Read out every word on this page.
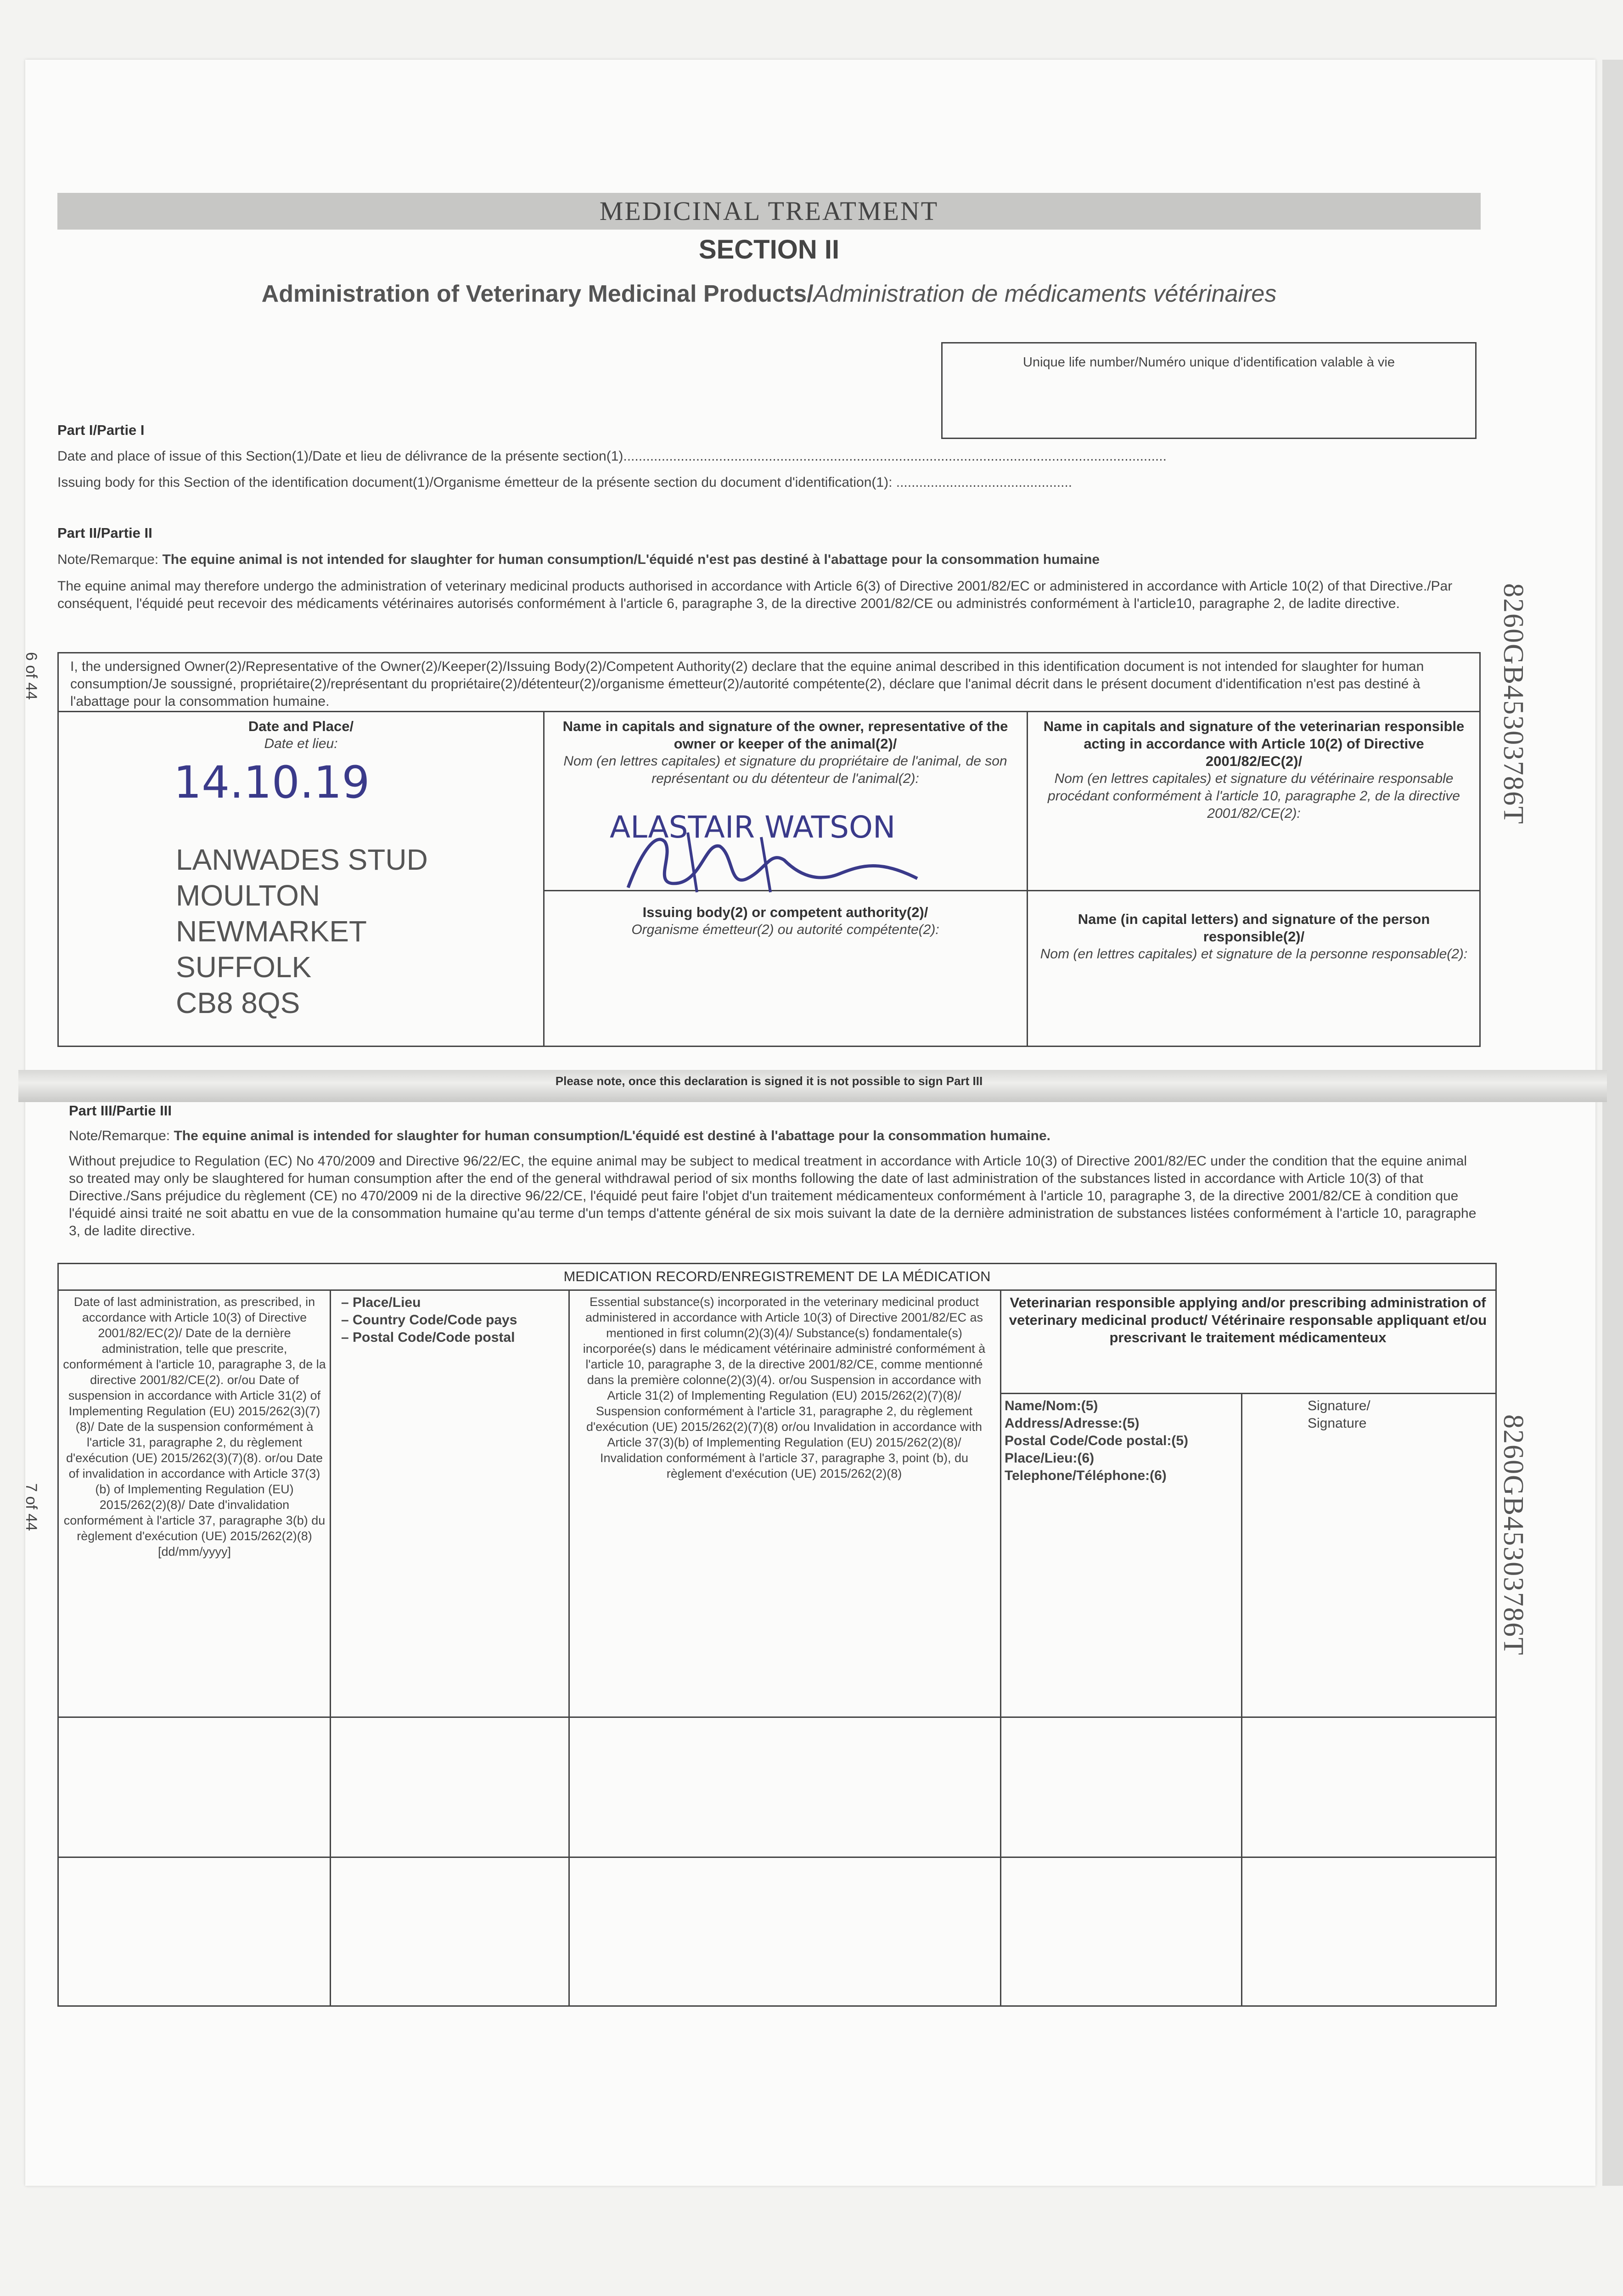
MEDICINAL TREATMENT
SECTION II
Administration of Veterinary Medicinal Products/Administration de médicaments vétérinaires
Unique life number/Numéro unique d'identification valable à vie
Part I/Partie I
Date and place of issue of this Section(1)/Date et lieu de délivrance de la présente section(1)..............................................................................................................................................
Issuing body for this Section of the identification document(1)/Organisme émetteur de la présente section du document d'identification(1): ..............................................
Part II/Partie II
Note/Remarque: The equine animal is not intended for slaughter for human consumption/L'équidé n'est pas destiné à l'abattage pour la consommation humaine
The equine animal may therefore undergo the administration of veterinary medicinal products authorised in accordance with Article 6(3) of Directive 2001/82/EC or administered in accordance with Article 10(2) of that Directive./Par conséquent, l'équidé peut recevoir des médicaments vétérinaires autorisés conformément à l'article 6, paragraphe 3, de la directive 2001/82/CE ou administrés conformément à l'article10, paragraphe 2, de ladite directive.
I, the undersigned Owner(2)/Representative of the Owner(2)/Keeper(2)/Issuing Body(2)/Competent Authority(2) declare that the equine animal described in this identification document is not intended for slaughter for human consumption/Je soussigné, propriétaire(2)/représentant du propriétaire(2)/détenteur(2)/organisme émetteur(2)/autorité compétente(2), déclare que l'animal décrit dans le présent document d'identification n'est pas destiné à l'abattage pour la consommation humaine.
Date and Place/
Date et lieu:
14.10.19
LANWADES STUD
MOULTON
NEWMARKET
SUFFOLK
CB8 8QS
Name in capitals and signature of the owner, representative of the owner or keeper of the animal(2)/
Nom (en lettres capitales) et signature du propriétaire de l'animal, de son représentant ou du détenteur de l'animal(2):
ALASTAIR WATSON
Name in capitals and signature of the veterinarian responsible acting in accordance with Article 10(2) of Directive 2001/82/EC(2)/
Nom (en lettres capitales) et signature du vétérinaire responsable procédant conformément à l'article 10, paragraphe 2, de la directive 2001/82/CE(2):
Issuing body(2) or competent authority(2)/
Organisme émetteur(2) ou autorité compétente(2):
Name (in capital letters) and signature of the person responsible(2)/
Nom (en lettres capitales) et signature de la personne responsable(2):
Please note, once this declaration is signed it is not possible to sign Part III
Part III/Partie III
Note/Remarque: The equine animal is intended for slaughter for human consumption/L'équidé est destiné à l'abattage pour la consommation humaine.
Without prejudice to Regulation (EC) No 470/2009 and Directive 96/22/EC, the equine animal may be subject to medical treatment in accordance with Article 10(3) of Directive 2001/82/EC under the condition that the equine animal so treated may only be slaughtered for human consumption after the end of the general withdrawal period of six months following the date of last administration of the substances listed in accordance with Article 10(3) of that Directive./Sans préjudice du règlement (CE) no 470/2009 ni de la directive 96/22/CE, l'équidé peut faire l'objet d'un traitement médicamenteux conformément à l'article 10, paragraphe 3, de la directive 2001/82/CE à condition que l'équidé ainsi traité ne soit abattu en vue de la consommation humaine qu'au terme d'un temps d'attente général de six mois suivant la date de la dernière administration de substances listées conformément à l'article 10, paragraphe 3, de ladite directive.
MEDICATION RECORD/ENREGISTREMENT DE LA MÉDICATION
Date of last administration, as prescribed, in accordance with Article 10(3) of Directive 2001/82/EC(2)/ Date de la dernière administration, telle que prescrite, conformément à l'article 10, paragraphe 3, de la directive 2001/82/CE(2). or/ou Date of suspension in accordance with Article 31(2) of Implementing Regulation (EU) 2015/262(3)(7)(8)/ Date de la suspension conformément à l'article 31, paragraphe 2, du règlement d'exécution (UE) 2015/262(3)(7)(8). or/ou Date of invalidation in accordance with Article 37(3)(b) of Implementing Regulation (EU) 2015/262(2)(8)/ Date d'invalidation conformément à l'article 37, paragraphe 3(b) du règlement d'exécution (UE) 2015/262(2)(8) [dd/mm/yyyy]
– Place/Lieu
– Country Code/Code pays
– Postal Code/Code postal
Essential substance(s) incorporated in the veterinary medicinal product administered in accordance with Article 10(3) of Directive 2001/82/EC as mentioned in first column(2)(3)(4)/ Substance(s) fondamentale(s) incorporée(s) dans le médicament vétérinaire administré conformément à l'article 10, paragraphe 3, de la directive 2001/82/CE, comme mentionné dans la première colonne(2)(3)(4). or/ou Suspension in accordance with Article 31(2) of Implementing Regulation (EU) 2015/262(2)(7)(8)/ Suspension conformément à l'article 31, paragraphe 2, du règlement d'exécution (UE) 2015/262(2)(7)(8) or/ou Invalidation in accordance with Article 37(3)(b) of Implementing Regulation (EU) 2015/262(2)(8)/ Invalidation conformément à l'article 37, paragraphe 3, point (b), du règlement d'exécution (UE) 2015/262(2)(8)
Veterinarian responsible applying and/or prescribing administration of veterinary medicinal product/ Vétérinaire responsable appliquant et/ou prescrivant le traitement médicamenteux
Name/Nom:(5)
Address/Adresse:(5)
Postal Code/Code postal:(5)
Place/Lieu:(6)
Telephone/Téléphone:(6)
Signature/
Signature
6 of 44
7 of 44
8260GB45303786T
8260GB45303786T
